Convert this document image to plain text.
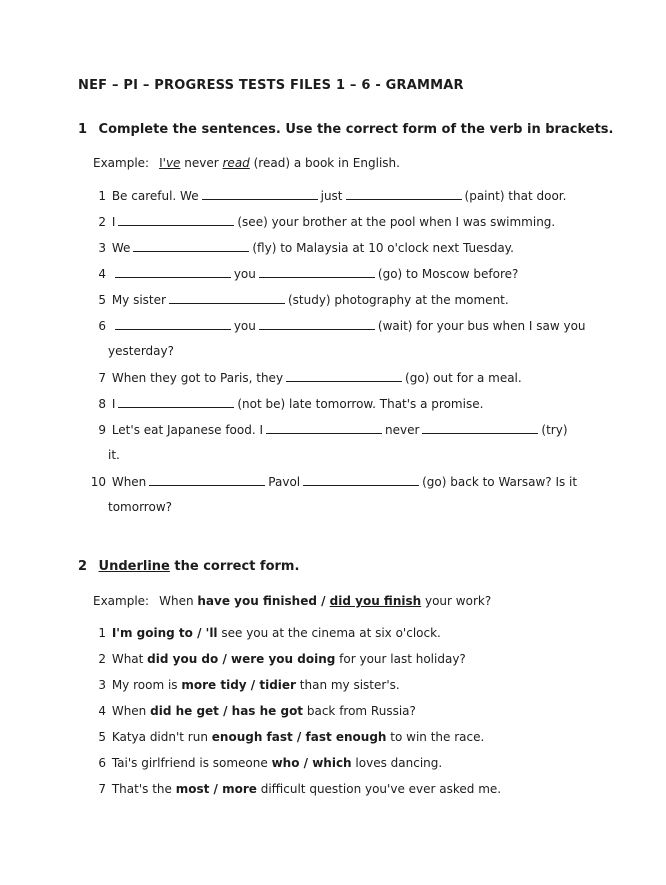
NEF – PI – PROGRESS TESTS FILES 1 – 6 - GRAMMAR
1 Complete the sentences. Use the correct form of the verb in brackets.
Example: I've never read (read) a book in English.
1 Be careful. We	just	(paint) that door.
2 I	(see) your brother at the pool when I was swimming.
3 We	(fly) to Malaysia at 10 o'clock next Tuesday.
4	you	(go) to Moscow before?
5 My sister	(study) photography at the moment.
6	you	(wait) for your bus when I saw you
yesterday?
7 When they got to Paris, they	(go) out for a meal.
8 I	(not be) late tomorrow. That's a promise.
9 Let's eat Japanese food. I	never	(try)
it.
10 When	Pavol	(go) back to Warsaw? Is it
tomorrow?
2 Underline the correct form.
Example: When have you finished / did you finish your work?
1 I'm going to / 'll see you at the cinema at six o'clock.
2 What did you do / were you doing for your last holiday?
3 My room is more tidy / tidier than my sister's.
4 When did he get / has he got back from Russia?
5 Katya didn't run enough fast / fast enough to win the race.
6 Tai's girlfriend is someone who / which loves dancing.
7 That's the most / more difficult question you've ever asked me.
